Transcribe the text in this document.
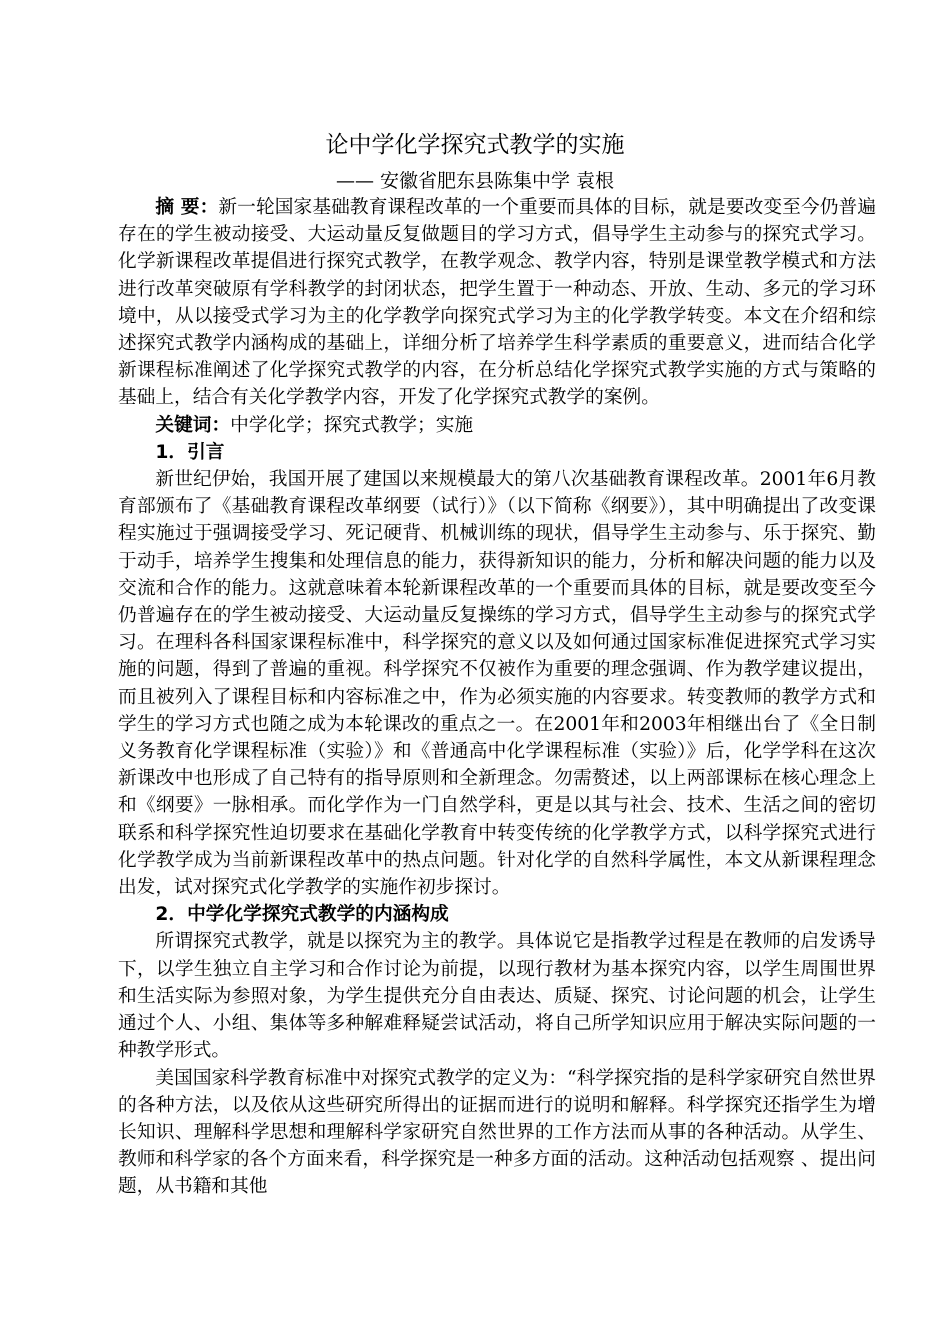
论中学化学探究式教学的实施

—— 安徽省肥东县陈集中学 袁根

摘 要：新一轮国家基础教育课程改革的一个重要而具体的目标，就是要改变至今仍普遍存在的学生被动接受、大运动量反复做题目的学习方式，倡导学生主动参与的探究式学习。化学新课程改革提倡进行探究式教学，在教学观念、教学内容，特别是课堂教学模式和方法进行改革突破原有学科教学的封闭状态，把学生置于一种动态、开放、生动、多元的学习环境中，从以接受式学习为主的化学教学向探究式学习为主的化学教学转变。本文在介绍和综述探究式教学内涵构成的基础上，详细分析了培养学生科学素质的重要意义，进而结合化学新课程标准阐述了化学探究式教学的内容，在分析总结化学探究式教学实施的方式与策略的基础上，结合有关化学教学内容，开发了化学探究式教学的案例。

关键词：中学化学；探究式教学；实施

1．引言

新世纪伊始，我国开展了建国以来规模最大的第八次基础教育课程改革。2001年6月教育部颁布了《基础教育课程改革纲要（试行）》（以下简称《纲要》），其中明确提出了改变课程实施过于强调接受学习、死记硬背、机械训练的现状，倡导学生主动参与、乐于探究、勤于动手，培养学生搜集和处理信息的能力，获得新知识的能力，分析和解决问题的能力以及交流和合作的能力。这就意味着本轮新课程改革的一个重要而具体的目标，就是要改变至今仍普遍存在的学生被动接受、大运动量反复操练的学习方式，倡导学生主动参与的探究式学习。在理科各科国家课程标准中，科学探究的意义以及如何通过国家标准促进探究式学习实施的问题，得到了普遍的重视。科学探究不仅被作为重要的理念强调、作为教学建议提出，而且被列入了课程目标和内容标准之中，作为必须实施的内容要求。转变教师的教学方式和学生的学习方式也随之成为本轮课改的重点之一。在2001年和2003年相继出台了《全日制义务教育化学课程标准（实验）》和《普通高中化学课程标准（实验）》后，化学学科在这次新课改中也形成了自己特有的指导原则和全新理念。勿需赘述，以上两部课标在核心理念上和《纲要》一脉相承。而化学作为一门自然学科，更是以其与社会、技术、生活之间的密切联系和科学探究性迫切要求在基础化学教育中转变传统的化学教学方式，以科学探究式进行化学教学成为当前新课程改革中的热点问题。针对化学的自然科学属性，本文从新课程理念出发，试对探究式化学教学的实施作初步探讨。

2．中学化学探究式教学的内涵构成

所谓探究式教学，就是以探究为主的教学。具体说它是指教学过程是在教师的启发诱导下，以学生独立自主学习和合作讨论为前提，以现行教材为基本探究内容，以学生周围世界和生活实际为参照对象，为学生提供充分自由表达、质疑、探究、讨论问题的机会，让学生通过个人、小组、集体等多种解难释疑尝试活动，将自己所学知识应用于解决实际问题的一种教学形式。

美国国家科学教育标准中对探究式教学的定义为：“科学探究指的是科学家研究自然世界的各种方法，以及依从这些研究所得出的证据而进行的说明和解释。科学探究还指学生为增长知识、理解科学思想和理解科学家研究自然世界的工作方法而从事的各种活动。从学生、教师和科学家的各个方面来看，科学探究是一种多方面的活动。这种活动包括观察 、提出问题，从书籍和其他
